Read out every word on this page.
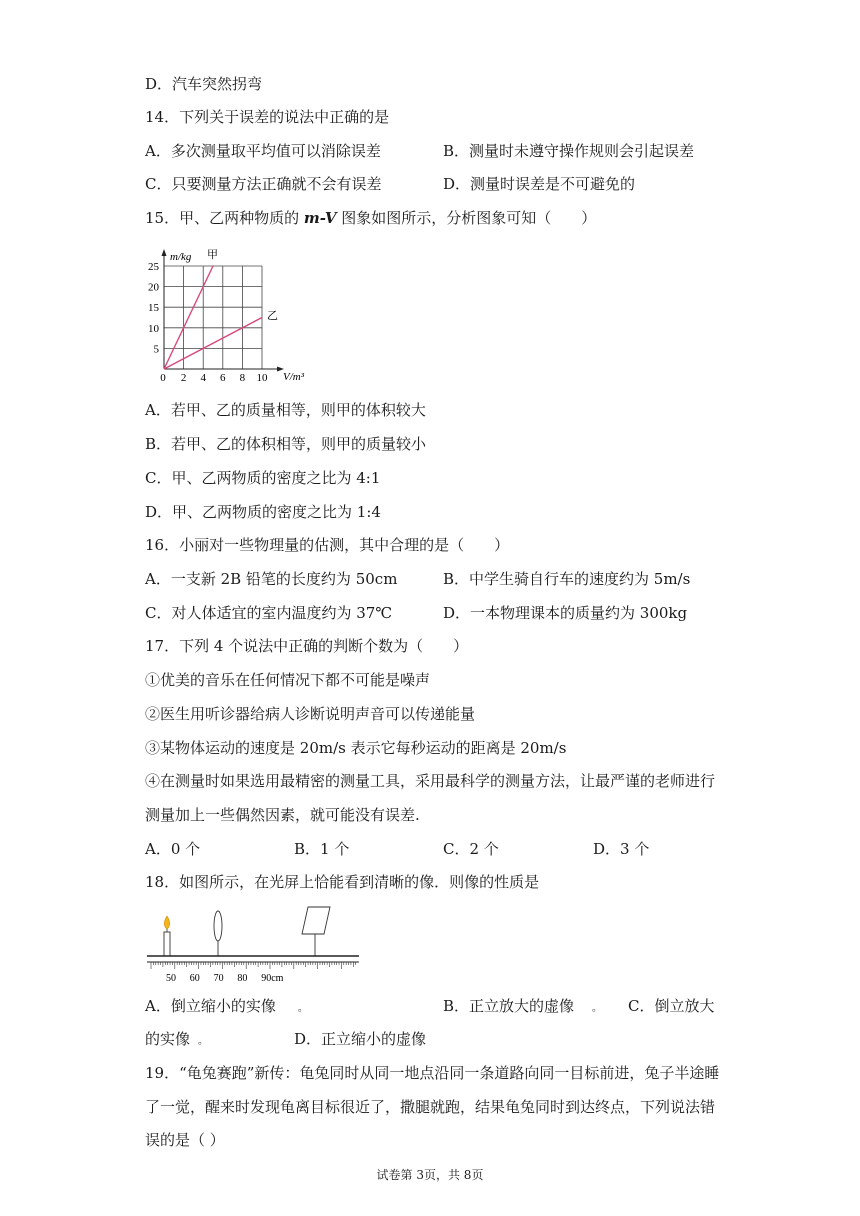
D．汽车突然拐弯
14．下列关于误差的说法中正确的是
A．多次测量取平均值可以消除误差	B．测量时未遵守操作规则会引起误差
C．只要测量方法正确就不会有误差	D．测量时误差是不可避免的
15．甲、乙两种物质的 m-V 图象如图所示，分析图象可知（　　）
0 2 4 6 8 10
5
10
15
20
25
m/kg
V/m³
甲
乙
A．若甲、乙的质量相等，则甲的体积较大
B．若甲、乙的体积相等，则甲的质量较小
C．甲、乙两物质的密度之比为 4:1
D．甲、乙两物质的密度之比为 1:4
16．小丽对一些物理量的估测，其中合理的是（　　）
A．一支新 2B 铅笔的长度约为 50cm	B．中学生骑自行车的速度约为 5m/s
C．对人体适宜的室内温度约为 37℃	D．一本物理课本的质量约为 300kg
17．下列 4 个说法中正确的判断个数为（　　）
①优美的音乐在任何情况下都不可能是噪声
②医生用听诊器给病人诊断说明声音可以传递能量
③某物体运动的速度是 20m/s 表示它每秒运动的距离是 20m/s
④在测量时如果选用最精密的测量工具，采用最科学的测量方法，让最严谨的老师进行
测量加上一些偶然因素，就可能没有误差.
A．0 个	B．1 个	C．2 个	D．3 个
18．如图所示，在光屏上恰能看到清晰的像．则像的性质是
50 60 70 80 90cm
A．倒立缩小的实像 。	B．正立放大的虚像 。 C．倒立放大
的实像 。	D．正立缩小的虚像
19．“龟兔赛跑”新传：龟兔同时从同一地点沿同一条道路向同一目标前进，兔子半途睡
了一觉，醒来时发现龟离目标很近了，撒腿就跑，结果龟兔同时到达终点，下列说法错
误的是（ ）
试卷第 3页，共 8页
